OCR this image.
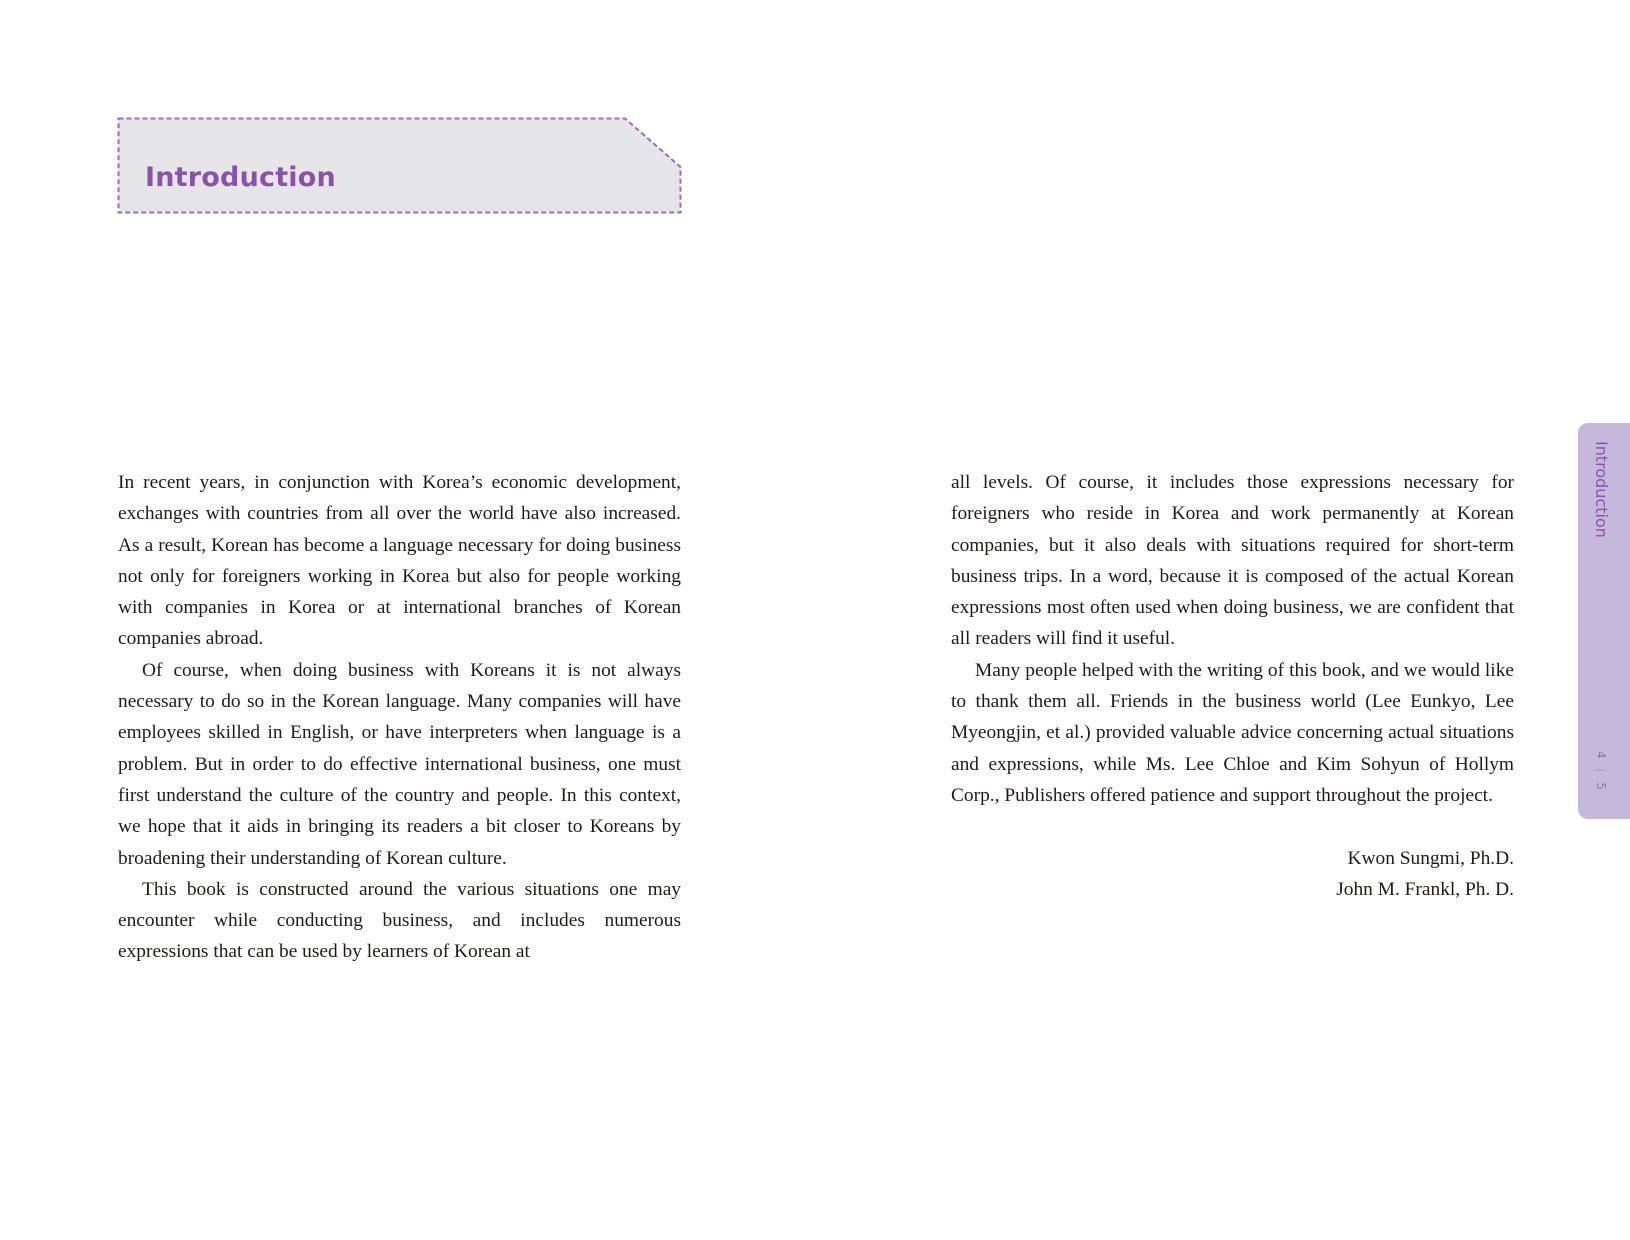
Introduction

In recent years, in conjunction with Korea’s economic development, exchanges with countries from all over the world have also increased. As a result, Korean has become a language necessary for doing business not only for foreigners working in Korea but also for people working with companies in Korea or at international branches of Korean companies abroad.

Of course, when doing business with Koreans it is not always necessary to do so in the Korean language. Many companies will have employees skilled in English, or have interpreters when language is a problem. But in order to do effective international business, one must first understand the culture of the country and people. In this context, we hope that it aids in bringing its readers a bit closer to Koreans by broadening their understanding of Korean culture.

This book is constructed around the various situations one may encounter while conducting business, and includes numerous expressions that can be used by learners of Korean at

all levels. Of course, it includes those expressions necessary for foreigners who reside in Korea and work permanently at Korean companies, but it also deals with situations required for short-term business trips. In a word, because it is composed of the actual Korean expressions most often used when doing business, we are confident that all readers will find it useful.

Many people helped with the writing of this book, and we would like to thank them all. Friends in the business world (Lee Eunkyo, Lee Myeongjin, et al.) provided valuable advice concerning actual situations and expressions, while Ms. Lee Chloe and Kim Sohyun of Hollym Corp., Publishers offered patience and support throughout the project.

Kwon Sungmi, Ph.D.
John M. Frankl, Ph. D.
Introduction
4 | 5
